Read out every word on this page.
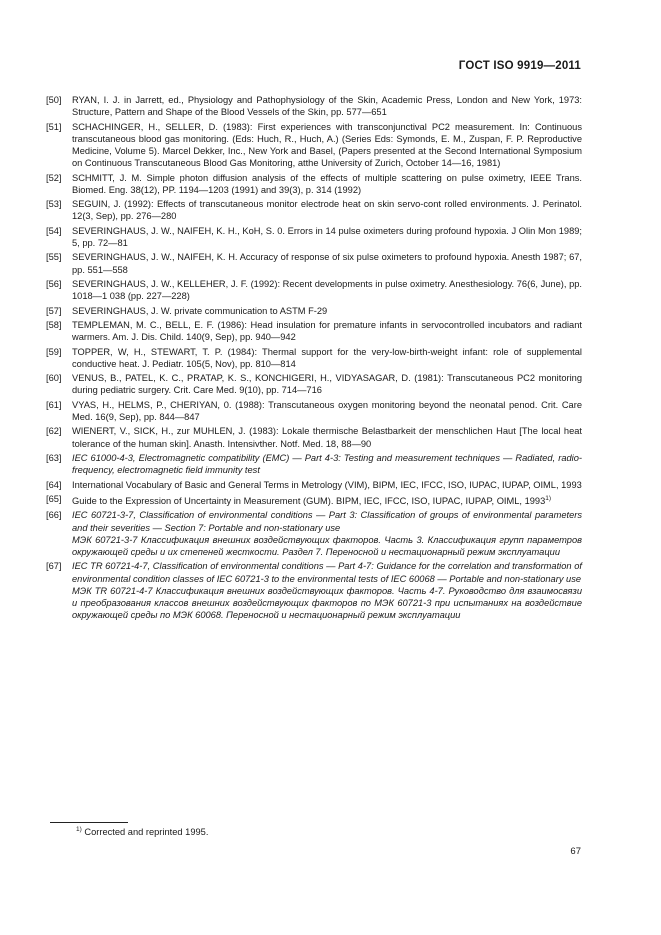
ГОСТ ISO 9919—2011
[50]	RYAN, I. J. in Jarrett, ed., Physiology and Pathophysiology of the Skin, Academic Press, London and New York, 1973: Structure, Pattern and Shape of the Blood Vessels of the Skin, pp. 577—651
[51]	SCHACHINGER, H., SELLER, D. (1983): First experiences with transconjunctival PC2 measurement. In: Continuous transcutaneous blood gas monitoring. (Eds: Huch, R., Huch, A.) (Series Eds: Symonds, E. M., Zuspan, F. P. Reproductive Medicine, Volume 5). Marcel Dekker, Inc., New York and Basel, (Papers presented at the Second International Symposium on Continuous Transcutaneous Blood Gas Monitoring, atthe University of Zurich, October 14—16, 1981)
[52]	SCHMITT, J. M. Simple photon diffusion analysis of the effects of multiple scattering on pulse oximetry, IEEE Trans. Biomed. Eng. 38(12), PP. 1194—1203 (1991) and 39(3), p. 314 (1992)
[53]	SEGUIN, J. (1992): Effects of transcutaneous monitor electrode heat on skin servo-cont rolled environments. J. Perinatol. 12(3, Sep), pp. 276—280
[54]	SEVERINGHAUS, J. W., NAIFEH, K. H., KoH, S. 0. Errors in 14 pulse oximeters during profound hypoxia. J Olin Mon 1989; 5, pp. 72—81
[55]	SEVERINGHAUS, J. W., NAIFEH, K. H. Accuracy of response of six pulse oximeters to profound hypoxia. Anesth 1987; 67, pp. 551—558
[56]	SEVERINGHAUS, J. W., KELLEHER, J. F. (1992): Recent developments in pulse oximetry. Anesthesiology. 76(6, June), pp. 1018—1 038 (pp. 227—228)
[57]	SEVERINGHAUS, J. W. private communication to ASTM F-29
[58]	TEMPLEMAN, M. C., BELL, E. F. (1986): Head insulation for premature infants in servocontrolled incubators and radiant warmers. Am. J. Dis. Child. 140(9, Sep), pp. 940—942
[59]	TOPPER, W, H., STEWART, T. P. (1984): Thermal support for the very-low-birth-weight infant: role of supplemental conductive heat. J. Pediatr. 105(5, Nov), pp. 810—814
[60]	VENUS, B., PATEL, K. C., PRATAP, K. S., KONCHIGERI, H., VIDYASAGAR, D. (1981): Transcutaneous PC2 monitoring during pediatric surgery. Crit. Care Med. 9(10), pp. 714—716
[61]	VYAS, H., HELMS, P., CHERIYAN, 0. (1988): Transcutaneous oxygen monitoring beyond the neonatal penod. Crit. Care Med. 16(9, Sep), pp. 844—847
[62]	WIENERT, V., SICK, H., zur MUHLEN, J. (1983): Lokale thermische Belastbarkeit der menschlichen Haut [The local heat tolerance of the human skin]. Anasth. Intensivther. Notf. Med. 18, 88—90
[63]	IEC 61000-4-3, Electromagnetic compatibility (EMC) — Part 4-3: Testing and measurement techniques — Radiated, radio-frequency, electromagnetic field immunity test
[64]	International Vocabulary of Basic and General Terms in Metrology (VIM), BIPM, IEC, IFCC, ISO, IUPAC, IUPAP, OIML, 1993
[65]	Guide to the Expression of Uncertainty in Measurement (GUM). BIPM, IEC, IFCC, ISO, IUPAC, IUPAP, OIML, 1993$^{1)}$
[66]	IEC 60721-3-7, Classification of environmental conditions — Part 3: Classification of groups of environmental parameters and their severities — Section 7: Portable and non-stationary use
МЭК 60721-3-7 Классификация внешних воздействующих факторов. Часть 3. Классификация групп параметров окружающей среды и их степеней жесткости. Раздел 7. Переносной и нестационарный режим эксплуатации
[67]	IEC TR 60721-4-7, Classification of environmental conditions — Part 4-7: Guidance for the correlation and transformation of environmental condition classes of IEC 60721-3 to the environmental tests of IEC 60068 — Portable and non-stationary use
МЭК TR 60721-4-7 Классификация внешних воздействующих факторов. Часть 4-7. Руководство для взаимосвязи и преобразования классов внешних воздействующих факторов по МЭК 60721-3 при испытаниях на воздействие окружающей среды по МЭК 60068. Переносной и нестационарный режим эксплуатации
$^{1)}$ Corrected and reprinted 1995.
67
